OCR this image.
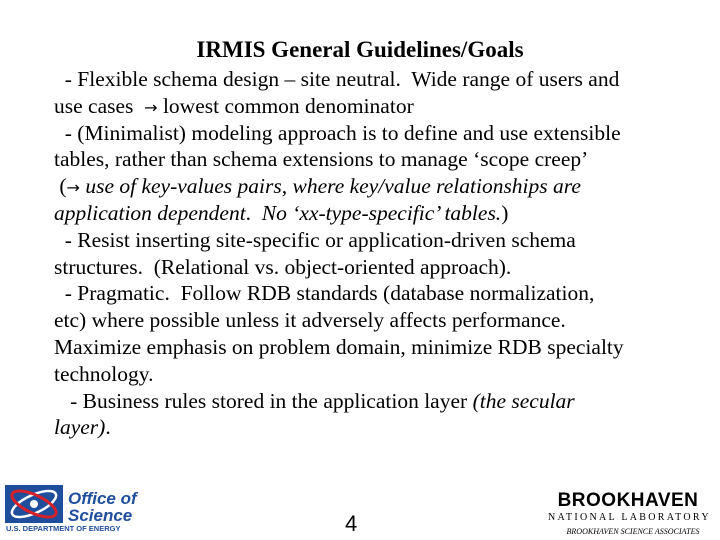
IRMIS General Guidelines/Goals
- Flexible schema design – site neutral.  Wide range of users and
use cases  → lowest common denominator
- (Minimalist) modeling approach is to define and use extensible
tables, rather than schema extensions to manage ‘scope creep’
(→ use of key-values pairs, where key/value relationships are
application dependent.  No ‘xx-type-specific’ tables.)
- Resist inserting site-specific or application-driven schema
structures.  (Relational vs. object-oriented approach).
- Pragmatic.  Follow RDB standards (database normalization,
etc) where possible unless it adversely affects performance.
Maximize emphasis on problem domain, minimize RDB specialty
technology.
- Business rules stored in the application layer (the secular
layer).
Office of
Science
U.S. DEPARTMENT OF ENERGY	4
BROOKHAVEN
NATIONAL LABORATORY
BROOKHAVEN SCIENCE ASSOCIATES
